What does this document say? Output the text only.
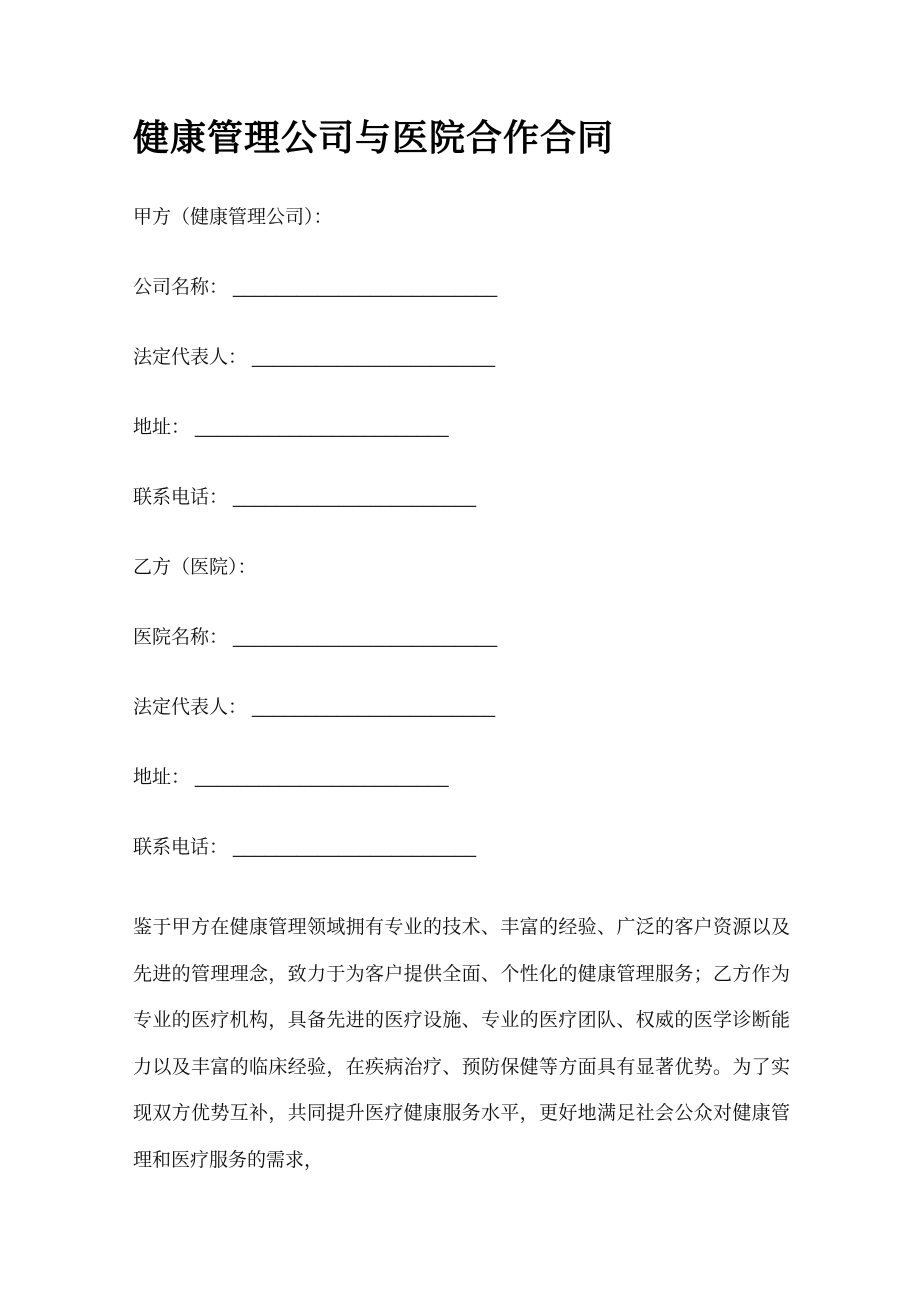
健康管理公司与医院合作合同

甲方（健康管理公司）：

公司名称： _________________________

法定代表人： _______________________

地址： ________________________

联系电话： _______________________

乙方（医院）：

医院名称： _________________________

法定代表人： _______________________

地址： ________________________

联系电话： _______________________

鉴于甲方在健康管理领域拥有专业的技术、丰富的经验、广泛的客户资源以及先进的管理理念，致力于为客户提供全面、个性化的健康管理服务；乙方作为专业的医疗机构，具备先进的医疗设施、专业的医疗团队、权威的医学诊断能力以及丰富的临床经验，在疾病治疗、预防保健等方面具有显著优势。为了实现双方优势互补，共同提升医疗健康服务水平，更好地满足社会公众对健康管理和医疗服务的需求，
